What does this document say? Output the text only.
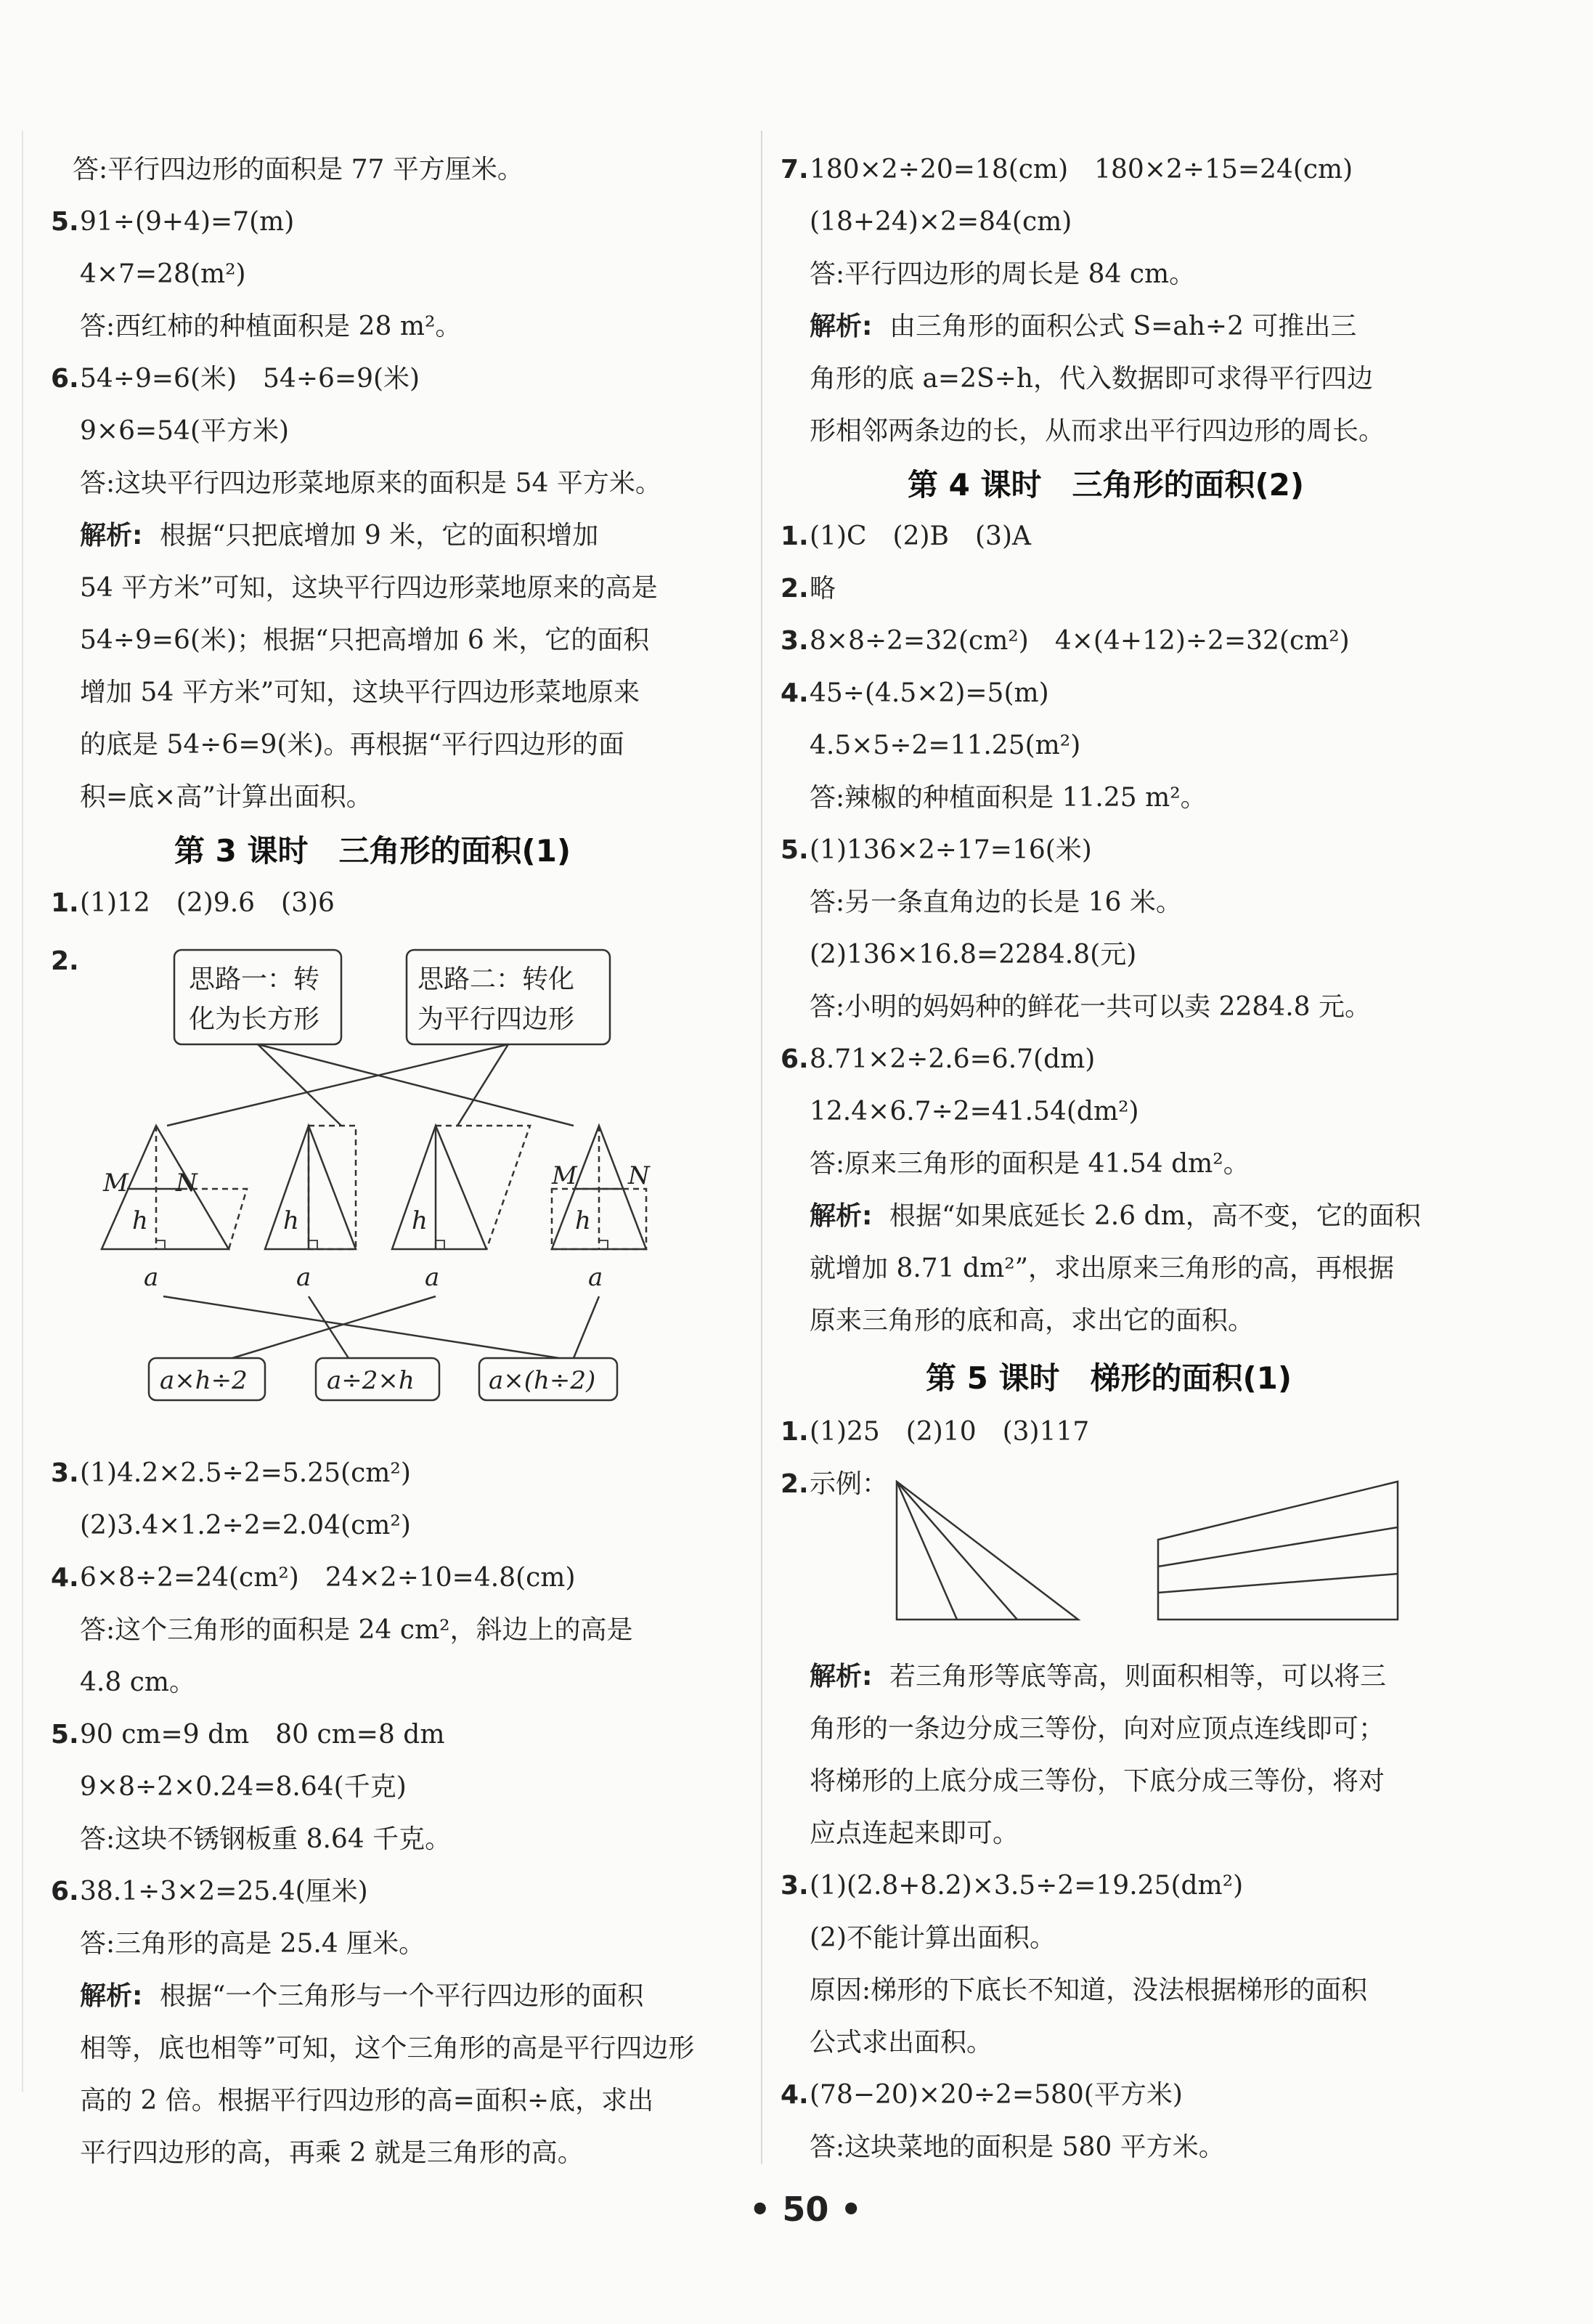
答:平行四边形的面积是 77 平方厘米。
5. 91÷(9+4)=7(m)
4×7=28(m²)
答:西红柿的种植面积是 28 m²。
6. 54÷9=6(米)　54÷6=9(米)
9×6=54(平方米)
答:这块平行四边形菜地原来的面积是 54 平方米。
解析: 根据“只把底增加 9 米，它的面积增加
54 平方米”可知，这块平行四边形菜地原来的高是
54÷9=6(米)；根据“只把高增加 6 米，它的面积
增加 54 平方米”可知，这块平行四边形菜地原来
的底是 54÷6=9(米)。再根据“平行四边形的面
积=底×高”计算出面积。
第 3 课时　三角形的面积(1)
1. (1)12　(2)9.6　(3)6
2.
思路一：转
化为长方形
思路二：转化
为平行四边形
M N
h
a
h
a
h
a
M N
h
a
a×h÷2	a÷2×h	a×(h÷2)
3. (1)4.2×2.5÷2=5.25(cm²)
(2)3.4×1.2÷2=2.04(cm²)
4. 6×8÷2=24(cm²)　24×2÷10=4.8(cm)
答:这个三角形的面积是 24 cm²，斜边上的高是
4.8 cm。
5. 90 cm=9 dm　80 cm=8 dm
9×8÷2×0.24=8.64(千克)
答:这块不锈钢板重 8.64 千克。
6. 38.1÷3×2=25.4(厘米)
答:三角形的高是 25.4 厘米。
解析: 根据“一个三角形与一个平行四边形的面积
相等，底也相等”可知，这个三角形的高是平行四边形
高的 2 倍。根据平行四边形的高=面积÷底，求出
平行四边形的高，再乘 2 就是三角形的高。
7. 180×2÷20=18(cm)　180×2÷15=24(cm)
(18+24)×2=84(cm)
答:平行四边形的周长是 84 cm。
解析: 由三角形的面积公式 S=ah÷2 可推出三
角形的底 a=2S÷h，代入数据即可求得平行四边
形相邻两条边的长，从而求出平行四边形的周长。
第 4 课时　三角形的面积(2)
1. (1)C　(2)B　(3)A
2. 略
3. 8×8÷2=32(cm²)　4×(4+12)÷2=32(cm²)
4. 45÷(4.5×2)=5(m)
4.5×5÷2=11.25(m²)
答:辣椒的种植面积是 11.25 m²。
5. (1)136×2÷17=16(米)
答:另一条直角边的长是 16 米。
(2)136×16.8=2284.8(元)
答:小明的妈妈种的鲜花一共可以卖 2284.8 元。
6. 8.71×2÷2.6=6.7(dm)
12.4×6.7÷2=41.54(dm²)
答:原来三角形的面积是 41.54 dm²。
解析: 根据“如果底延长 2.6 dm，高不变，它的面积
就增加 8.71 dm²”，求出原来三角形的高，再根据
原来三角形的底和高，求出它的面积。
第 5 课时　梯形的面积(1)
1. (1)25　(2)10　(3)117
2. 示例：
解析: 若三角形等底等高，则面积相等，可以将三
角形的一条边分成三等份，向对应顶点连线即可；
将梯形的上底分成三等份，下底分成三等份，将对
应点连起来即可。
3. (1)(2.8+8.2)×3.5÷2=19.25(dm²)
(2)不能计算出面积。
原因:梯形的下底长不知道，没法根据梯形的面积
公式求出面积。
4. (78−20)×20÷2=580(平方米)
答:这块菜地的面积是 580 平方米。
• 50 •
